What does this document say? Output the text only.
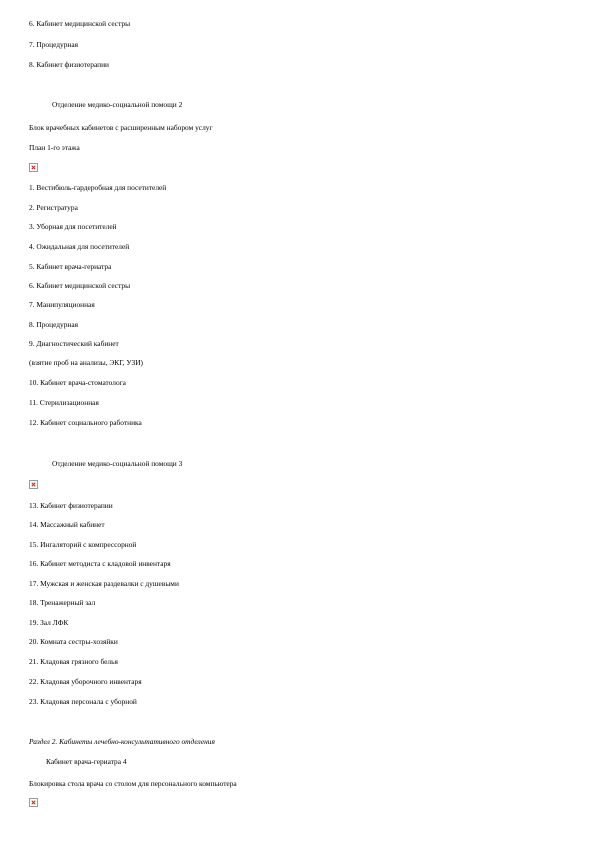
6. Кабинет медицинской сестры
7. Процедурная
8. Кабинет физиотерапии
Отделение медико-социальной помощи 2
Блок врачебных кабинетов с расширенным набором услуг
План 1-го этажа
1. Вестибюль-гардеробная для посетителей
2. Регистратура
3. Уборная для посетителей
4. Ожидальная для посетителей
5. Кабинет врача-гериатра
6. Кабинет медицинской сестры
7. Манипуляционная
8. Процедурная
9. Диагностический кабинет
(взятие проб на анализы, ЭКГ, УЗИ)
10. Кабинет врача-стоматолога
11. Стерилизационная
12. Кабинет социального работника
Отделение медико-социальной помощи 3
13. Кабинет физиотерапии
14. Массажный кабинет
15. Ингаляторий с компрессорной
16. Кабинет методиста с кладовой инвентаря
17. Мужская и женская раздевалки с душевыми
18. Тренажерный зал
19. Зал ЛФК
20. Комната сестры-хозяйки
21. Кладовая грязного белья
22. Кладовая уборочного инвентаря
23. Кладовая персонала с уборной
Раздел 2. Кабинеты лечебно-консультативного отделения
Кабинет врача-гериатра 4
Блокировка стола врача со столом для персонального компьютера
